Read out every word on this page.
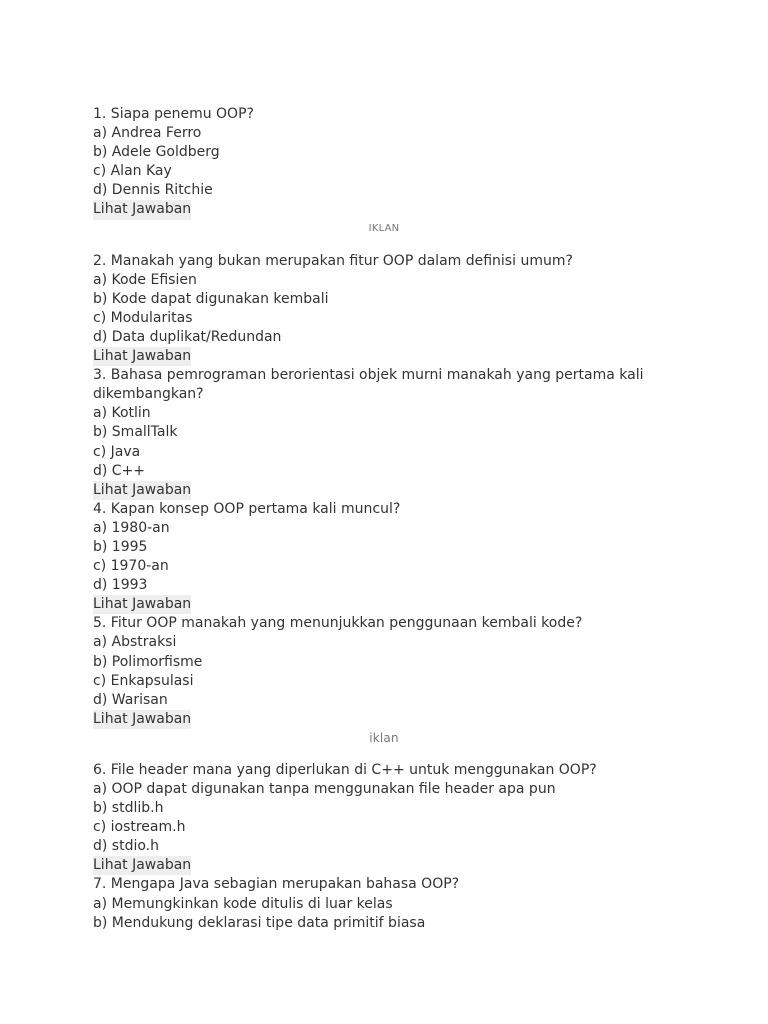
1. Siapa penemu OOP?
a) Andrea Ferro
b) Adele Goldberg
c) Alan Kay
d) Dennis Ritchie
Lihat Jawaban
IKLAN
2. Manakah yang bukan merupakan fitur OOP dalam definisi umum?
a) Kode Efisien
b) Kode dapat digunakan kembali
c) Modularitas
d) Data duplikat/Redundan
Lihat Jawaban
3. Bahasa pemrograman berorientasi objek murni manakah yang pertama kali dikembangkan?
a) Kotlin
b) SmallTalk
c) Java
d) C++
Lihat Jawaban
4. Kapan konsep OOP pertama kali muncul?
a) 1980-an
b) 1995
c) 1970-an
d) 1993
Lihat Jawaban
5. Fitur OOP manakah yang menunjukkan penggunaan kembali kode?
a) Abstraksi
b) Polimorfisme
c) Enkapsulasi
d) Warisan
Lihat Jawaban
iklan
6. File header mana yang diperlukan di C++ untuk menggunakan OOP?
a) OOP dapat digunakan tanpa menggunakan file header apa pun
b) stdlib.h
c) iostream.h
d) stdio.h
Lihat Jawaban
7. Mengapa Java sebagian merupakan bahasa OOP?
a) Memungkinkan kode ditulis di luar kelas
b) Mendukung deklarasi tipe data primitif biasa
